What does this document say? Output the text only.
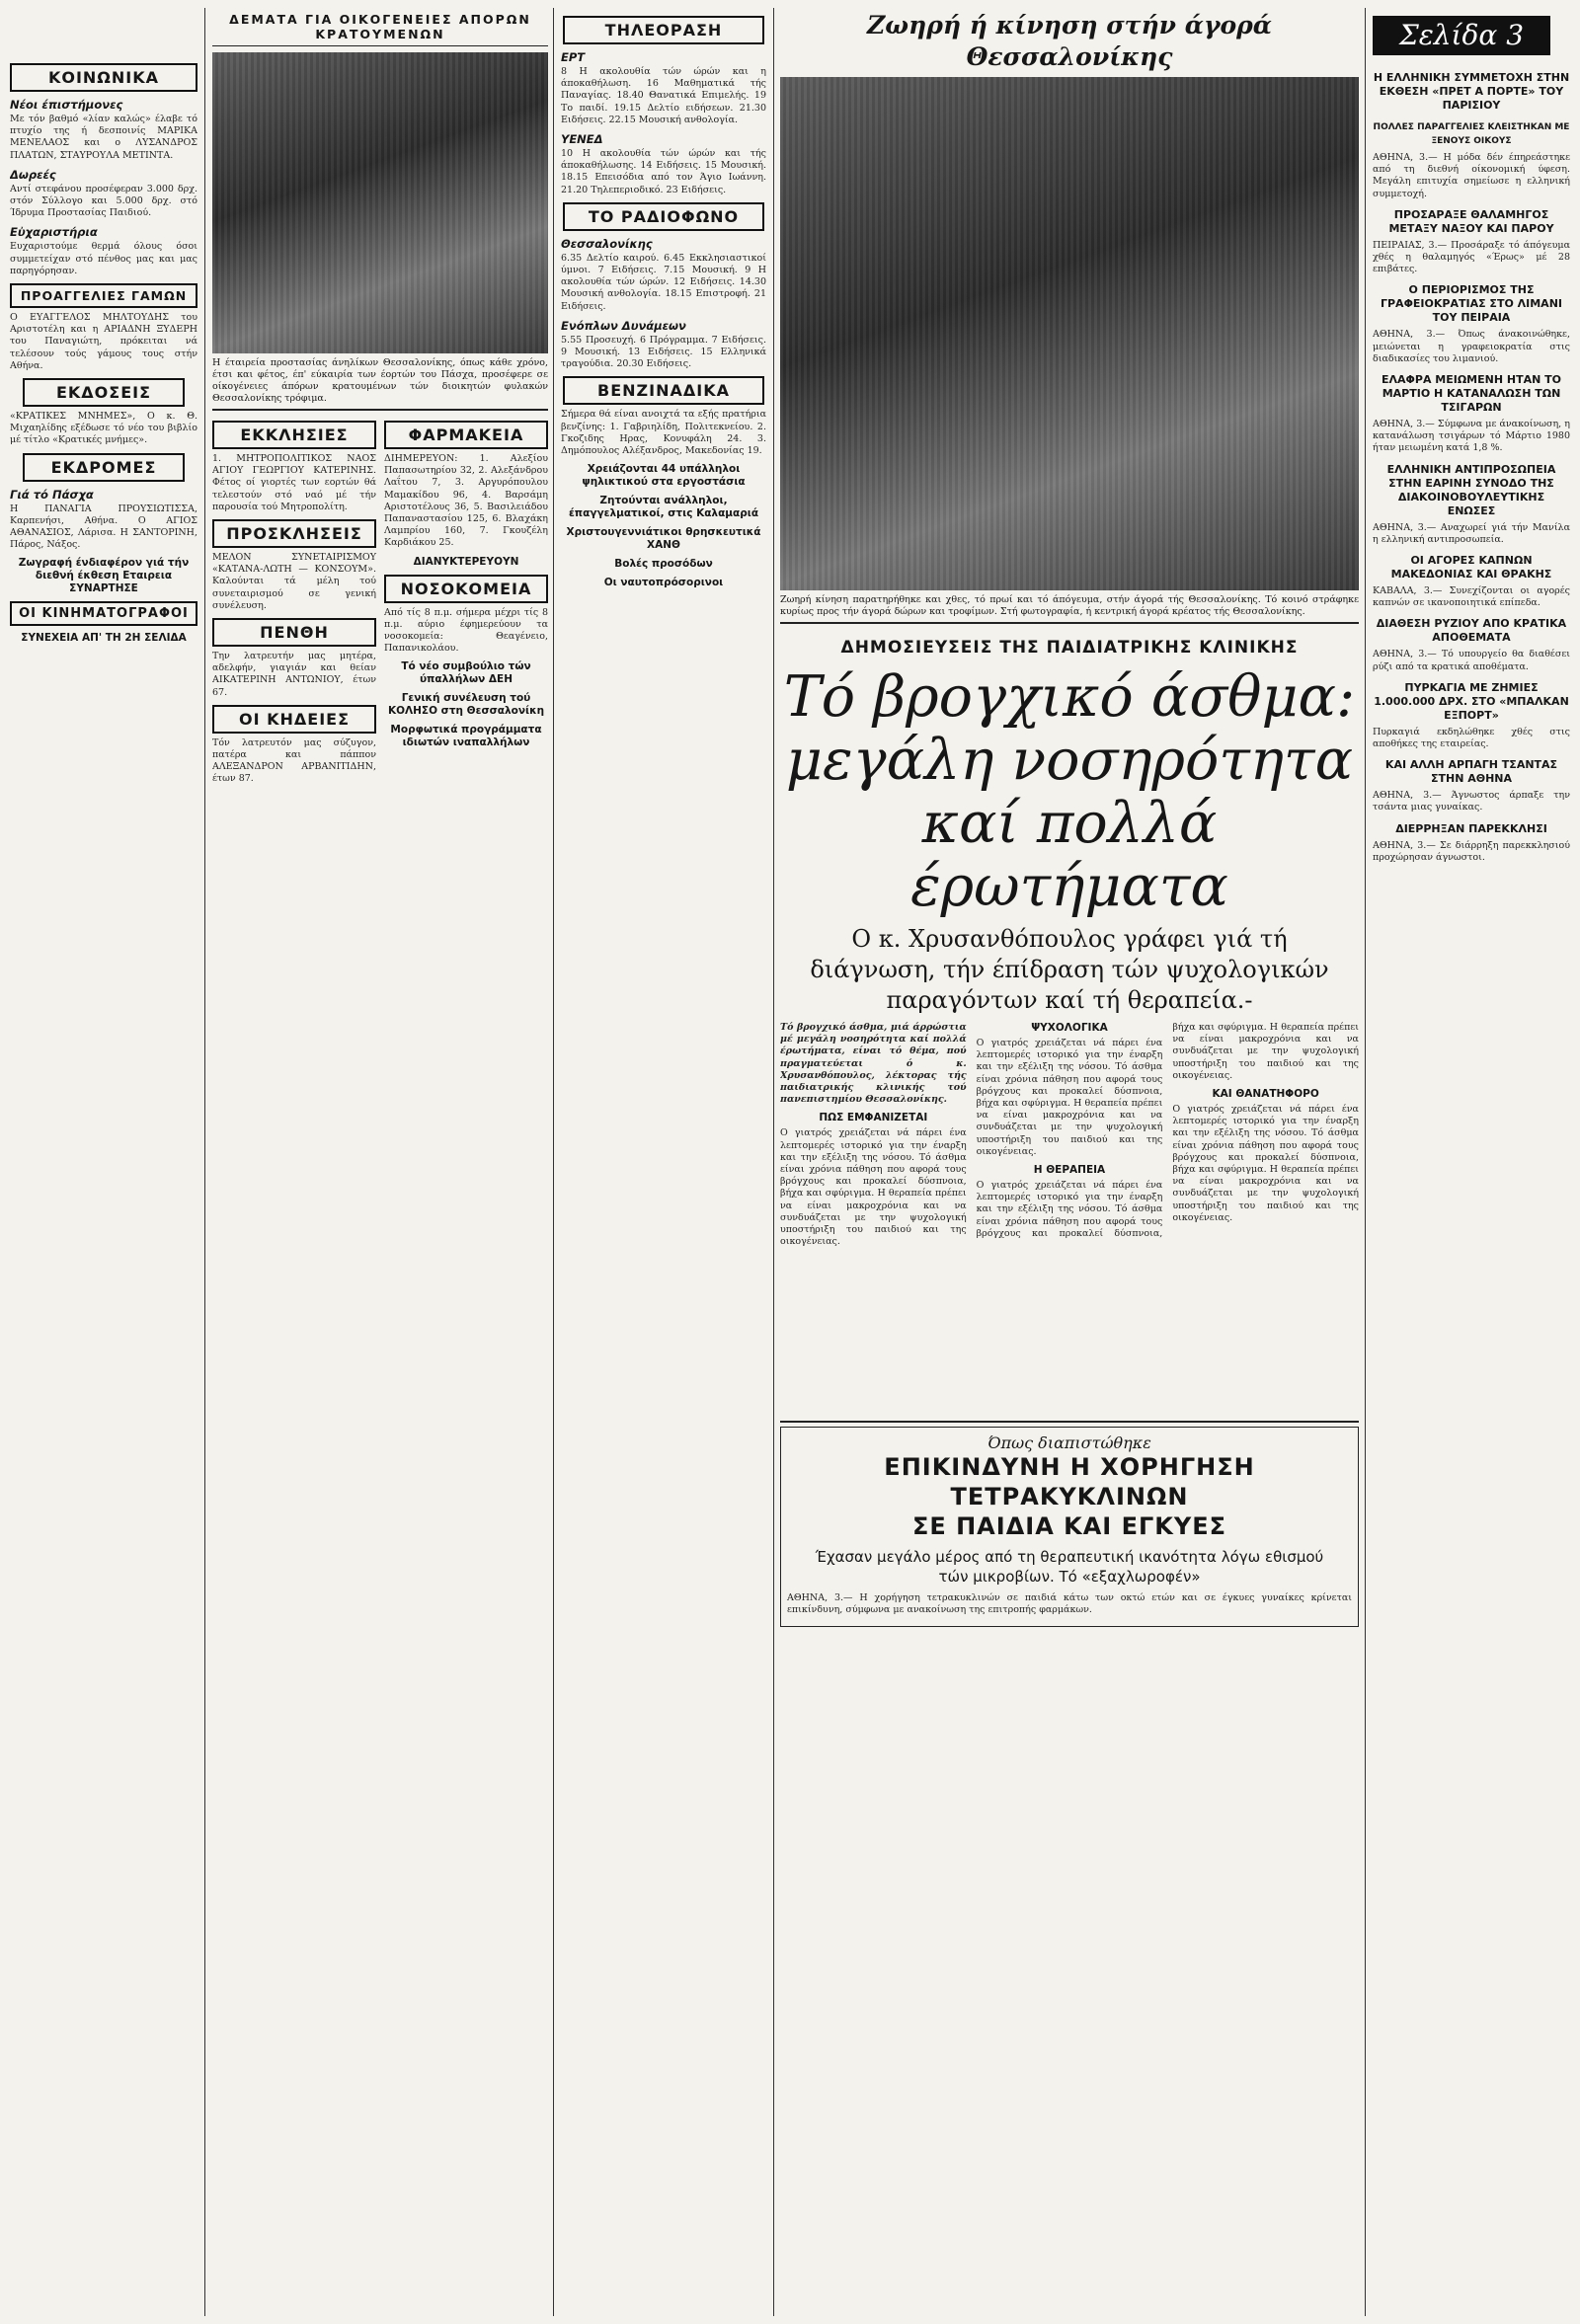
ΚΟΙΝΩΝΙΚΑ
Νέοι έπιστήμονες

Με τόν βαθμό «λίαν καλώς» έλαβε τό πτυχίο της ή δεσποινίς ΜΑΡΙΚΑ ΜΕΝΕΛΑΟΣ και ο ΛΥΣΑΝΔΡΟΣ ΠΛΑΤΩΝ, ΣΤΑΥΡΟΥΛΑ ΜΕΤΙΝΤΑ.

Δωρεές

Αντί στεφάνου προσέφεραν 3.000 δρχ. στόν Σύλλογο και 5.000 δρχ. στό Ίδρυμα Προστασίας Παιδιού.

Εὐχαριστήρια

Ευχαριστούμε θερμά όλους όσοι συμμετείχαν στό πένθος μας και μας παρηγόρησαν.

ΠΡΟΑΓΓΕΛΙΕΣ ΓΑΜΩΝ

Ο ΕΥΑΓΓΕΛΟΣ ΜΗΛΤΟΥΔΗΣ του Αριστοτέλη και η ΑΡΙΑΔΝΗ ΞΥΔΕΡΗ του Παναγιώτη, πρόκειται νά τελέσουν τούς γάμους τους στήν Αθήνα.

ΕΚΔΟΣΕΙΣ

«ΚΡΑΤΙΚΕΣ ΜΝΗΜΕΣ», Ο κ. Θ. Μιχαηλίδης εξέδωσε τό νέο του βιβλίο μέ τίτλο «Κρατικές μνήμες».

ΕΚΔΡΟΜΕΣ
Γιά τό Πάσχα

Η ΠΑΝΑΓΙΑ ΠΡΟΥΣΙΩΤΙΣΣΑ, Καρπενήσι, Αθήνα. Ο ΑΓΙΟΣ ΑΘΑΝΑΣΙΟΣ, Λάρισα. Η ΣΑΝΤΟΡΙΝΗ, Πάρος, Νάξος.

Ζωγραφή ένδιαφέρον γιά τήν διεθνή έκθεση Εταιρεια ΣΥΝΑΡΤΗΣΕ
ΟΙ ΚΙΝΗΜΑΤΟΓΡΑΦΟΙ
ΣΥΝΕΧΕΙΑ ΑΠ' ΤΗ 2Η ΣΕΛΙΔΑ
ΔΕΜΑΤΑ ΓΙΑ ΟΙΚΟΓΕΝΕΙΕΣ ΑΠΟΡΩΝ ΚΡΑΤΟΥΜΕΝΩΝ

Η έταιρεία προστασίας άνηλίκων Θεσσαλονίκης, όπως κάθε χρόνο, έτσι και φέτος, έπ' εύκαιρία των έορτών του Πάσχα, προσέφερε σε οίκογένειες άπόρων κρατουμένων τών διοικητών φυλακών Θεσσαλονίκης τρόφιμα.

ΕΚΚΛΗΣΙΕΣ

1. ΜΗΤΡΟΠΟΛΙΤΙΚΟΣ ΝΑΟΣ ΑΓΙΟΥ ΓΕΩΡΓΙΟΥ ΚΑΤΕΡΙΝΗΣ. Φέτος οί γιορτές των εορτών θά τελεστούν στό ναό μέ τήν παρουσία τού Μητροπολίτη.

ΠΡΟΣΚΛΗΣΕΙΣ

ΜΕΛΟΝ ΣΥΝΕΤΑΙΡΙΣΜΟΥ «ΚΑΤΑΝΑ-ΛΩΤΗ — ΚΟΝΣΟΥΜ». Καλούνται τά μέλη τού συνεταιρισμού σε γενική συνέλευση.

ΠΕΝΘΗ

Την λατρευτήν μας μητέρα, αδελφήν, γιαγιάν και θείαν ΑΙΚΑΤΕΡΙΝΗ ΑΝΤΩΝΙΟΥ, έτων 67.

ΟΙ ΚΗΔΕΙΕΣ

Τόν λατρευτόν μας σύζυγον, πατέρα και πάππον ΑΛΕΞΑΝΔΡΟΝ ΑΡΒΑΝΙΤΙΔΗΝ, έτων 87.

ΦΑΡΜΑΚΕΙΑ

ΔΙΗΜΕΡΕΥΟΝ: 1. Αλεξίου Παπασωτηρίου 32, 2. Αλεξάνδρου Λαΐτου 7, 3. Αργυρόπουλου Μαμακίδου 96, 4. Βαρσάμη Αριστοτέλους 36, 5. Βασιλειάδου Παπαναστασίου 125, 6. Βλαχάκη Λαμπρίου 160, 7. Γκουζέλη Καρδιάκου 25.

ΔΙΑΝΥΚΤΕΡΕΥΟΥΝ
ΝΟΣΟΚΟΜΕΙΑ

Από τίς 8 π.μ. σήμερα μέχρι τίς 8 π.μ. αύριο έφημερεύουν τα νοσοκομεία: Θεαγένειο, Παπανικολάου.

Τό νέο συμβούλιο τών ύπαλλήλων ΔΕΗ
Γενική συνέλευση τού ΚΟΛΗΣΟ στη Θεσσαλονίκη
Μορφωτικά προγράμματα ιδιωτών ιναπαλλήλων
ΤΗΛΕΟΡΑΣΗ
ΕΡΤ

8 Η ακολουθία τών ώρών και η άποκαθήλωση. 16 Μαθηματικά τής Παναγίας. 18.40 Θανατικά Επιμελής. 19 Το παιδί. 19.15 Δελτίο ειδήσεων. 21.30 Ειδήσεις. 22.15 Μουσική ανθολογία.

ΥΕΝΕΔ

10 Η ακολουθία τών ώρών και τής άποκαθήλωσης. 14 Ειδήσεις. 15 Μουσική. 18.15 Επεισόδια από τον Άγιο Ιωάννη. 21.20 Τηλεπεριοδικό. 23 Ειδήσεις.

ΤΟ ΡΑΔΙΟΦΩΝΟ
Θεσσαλονίκης

6.35 Δελτίο καιρού. 6.45 Εκκλησιαστικοί ύμνοι. 7 Ειδήσεις. 7.15 Μουσική. 9 Η ακολουθία τών ώρών. 12 Ειδήσεις. 14.30 Μουσική ανθολογία. 18.15 Επιστροφή. 21 Ειδήσεις.

Ενόπλων Δυνάμεων

5.55 Προσευχή. 6 Πρόγραμμα. 7 Ειδήσεις. 9 Μουσική. 13 Ειδήσεις. 15 Ελληνικά τραγούδια. 20.30 Ειδήσεις.

ΒΕΝΖΙΝΑΔΙΚΑ

Σήμερα θά είναι ανοιχτά τα εξής πρατήρια βενζίνης: 1. Γαβριηλίδη, Πολιτεκνείου. 2. Γκοζιδης Ηρας, Κονυφάλη 24. 3. Δημόπουλος Αλέξανδρος, Μακεδονίας 19.

Χρειάζονται 44 υπάλληλοι ψηλικτικού στα εργοστάσια
Ζητούνται ανάλληλοι, έπαγγελματικοί, στις Καλαμαριά
Χριστουγεννιάτικοι θρησκευτικά ΧΑΝΘ
Βολές προσόδων
Οι ναυτοπρόσορινοι
Ζωηρή ή κίνηση στήν άγορά Θεσσαλονίκης

Ζωηρή κίνηση παρατηρήθηκε και χθες, τό πρωί και τό άπόγευμα, στήν άγορά τής Θεσσαλονίκης. Τό κοινό στράφηκε κυρίως προς τήν άγορά δώρων και τροφίμων. Στή φωτογραφία, ή κεντρική άγορά κρέατος τής Θεσσαλονίκης.

ΔΗΜΟΣΙΕΥΣΕΙΣ ΤΗΣ ΠΑΙΔΙΑΤΡΙΚΗΣ ΚΛΙΝΙΚΗΣ
Τό βρογχικό άσθμα:
μεγάλη νοσηρότητα
καί πολλά έρωτήματα
Ο κ. Χρυσανθόπουλος γράφει γιά τή διάγνωση, τήν έπίδραση τών ψυχολογικών παραγόντων καί τή θεραπεία.-

Τό βρογχικό άσθμα, μιά άρρώστια μέ μεγάλη νοσηρότητα καί πολλά έρωτήματα, είναι τό θέμα, πού πραγματεύεται ό κ. Χρυσανθόπουλος, λέκτορας τής παιδιατρικής κλινικής τού πανεπιστημίου Θεσσαλονίκης.

ΠΩΣ ΕΜΦΑΝΙΖΕΤΑΙ

Ο γιατρός χρειάζεται νά πάρει ένα λεπτομερές ιστορικό για την έναρξη και την εξέλιξη της νόσου. Τό άσθμα είναι χρόνια πάθηση που αφορά τους βρόγχους και προκαλεί δύσπνοια, βήχα και σφύριγμα. Η θεραπεία πρέπει να είναι μακροχρόνια και να συνδυάζεται με την ψυχολογική υποστήριξη του παιδιού και της οικογένειας.

ΨΥΧΟΛΟΓΙΚΑ

Ο γιατρός χρειάζεται νά πάρει ένα λεπτομερές ιστορικό για την έναρξη και την εξέλιξη της νόσου. Τό άσθμα είναι χρόνια πάθηση που αφορά τους βρόγχους και προκαλεί δύσπνοια, βήχα και σφύριγμα. Η θεραπεία πρέπει να είναι μακροχρόνια και να συνδυάζεται με την ψυχολογική υποστήριξη του παιδιού και της οικογένειας.

Η ΘΕΡΑΠΕΙΑ

Ο γιατρός χρειάζεται νά πάρει ένα λεπτομερές ιστορικό για την έναρξη και την εξέλιξη της νόσου. Τό άσθμα είναι χρόνια πάθηση που αφορά τους βρόγχους και προκαλεί δύσπνοια, βήχα και σφύριγμα. Η θεραπεία πρέπει να είναι μακροχρόνια και να συνδυάζεται με την ψυχολογική υποστήριξη του παιδιού και της οικογένειας.

ΚΑΙ ΘΑΝΑΤΗΦΟΡΟ

Ο γιατρός χρειάζεται νά πάρει ένα λεπτομερές ιστορικό για την έναρξη και την εξέλιξη της νόσου. Τό άσθμα είναι χρόνια πάθηση που αφορά τους βρόγχους και προκαλεί δύσπνοια, βήχα και σφύριγμα. Η θεραπεία πρέπει να είναι μακροχρόνια και να συνδυάζεται με την ψυχολογική υποστήριξη του παιδιού και της οικογένειας.

Όπως διαπιστώθηκε
ΕΠΙΚΙΝΔΥΝΗ Η ΧΟΡΗΓΗΣΗ
ΤΕΤΡΑΚΥΚΛΙΝΩΝ
ΣΕ ΠΑΙΔΙΑ ΚΑΙ ΕΓΚΥΕΣ
Έχασαν μεγάλο μέρος από τη θεραπευτική ικανότητα λόγω εθισμού τών μικροβίων. Τό «εξαχλωροφέν»

ΑΘΗΝΑ, 3.— Η χορήγηση τετρακυκλινών σε παιδιά κάτω των οκτώ ετών και σε έγκυες γυναίκες κρίνεται επικίνδυνη, σύμφωνα με ανακοίνωση της επιτροπής φαρμάκων.

Σελίδα 3
Η ΕΛΛΗΝΙΚΗ ΣΥΜΜΕΤΟΧΗ ΣΤΗΝ ΕΚΘΕΣΗ «ΠΡΕΤ Α ΠΟΡΤΕ» ΤΟΥ ΠΑΡΙΣΙΟΥ
ΠΟΛΛΕΣ ΠΑΡΑΓΓΕΛΙΕΣ ΚΛΕΙΣΤΗΚΑΝ ΜΕ ΞΕΝΟΥΣ ΟΙΚΟΥΣ

ΑΘΗΝΑ, 3.— Η μόδα δέν έπηρεάστηκε από τη διεθνή οίκονομική ύφεση. Μεγάλη επιτυχία σημείωσε η ελληνική συμμετοχή.

ΠΡΟΣΑΡΑΞΕ ΘΑΛΑΜΗΓΟΣ ΜΕΤΑΞΥ ΝΑΞΟΥ ΚΑΙ ΠΑΡΟΥ

ΠΕΙΡΑΙΑΣ, 3.— Προσάραξε τό άπόγευμα χθές η θαλαμηγός «Έρως» μέ 28 επιβάτες.

Ο ΠΕΡΙΟΡΙΣΜΟΣ ΤΗΣ ΓΡΑΦΕΙΟΚΡΑΤΙΑΣ ΣΤΟ ΛΙΜΑΝΙ ΤΟΥ ΠΕΙΡΑΙΑ

ΑΘΗΝΑ, 3.— Όπως άνακοινώθηκε, μειώνεται η γραφειοκρατία στις διαδικασίες του λιμανιού.

ΕΛΑΦΡΑ ΜΕΙΩΜΕΝΗ ΗΤΑΝ ΤΟ ΜΑΡΤΙΟ Η ΚΑΤΑΝΑΛΩΣΗ ΤΩΝ ΤΣΙΓΑΡΩΝ

ΑΘΗΝΑ, 3.— Σύμφωνα με άνακοίνωση, η κατανάλωση τσιγάρων τό Μάρτιο 1980 ήταν μειωμένη κατά 1,8 %.

ΕΛΛΗΝΙΚΗ ΑΝΤΙΠΡΟΣΩΠΕΙΑ ΣΤΗΝ ΕΑΡΙΝΗ ΣΥΝΟΔΟ ΤΗΣ ΔΙΑΚΟΙΝΟΒΟΥΛΕΥΤΙΚΗΣ ΕΝΩΣΕΣ

ΑΘΗΝΑ, 3.— Αναχωρεί γιά τήν Μανίλα η ελληνική αντιπροσωπεία.

ΟΙ ΑΓΟΡΕΣ ΚΑΠΝΩΝ ΜΑΚΕΔΟΝΙΑΣ ΚΑΙ ΘΡΑΚΗΣ

ΚΑΒΑΛΑ, 3.— Συνεχίζονται οι αγορές καπνών σε ικανοποιητικά επίπεδα.

ΔΙΑΘΕΣΗ ΡΥΖΙΟΥ ΑΠΟ ΚΡΑΤΙΚΑ ΑΠΟΘΕΜΑΤΑ

ΑΘΗΝΑ, 3.— Τό υπουργείο θα διαθέσει ρύζι από τα κρατικά αποθέματα.

ΠΥΡΚΑΓΙΑ ΜΕ ΖΗΜΙΕΣ 1.000.000 ΔΡΧ. ΣΤΟ «ΜΠΑΛΚΑΝ ΕΞΠΟΡΤ»

Πυρκαγιά εκδηλώθηκε χθές στις αποθήκες της εταιρείας.

ΚΑΙ ΑΛΛΗ ΑΡΠΑΓΗ ΤΣΑΝΤΑΣ ΣΤΗΝ ΑΘΗΝΑ

ΑΘΗΝΑ, 3.— Άγνωστος άρπαξε την τσάντα μιας γυναίκας.

ΔΙΕΡΡΗΞΑΝ ΠΑΡΕΚΚΛΗΣΙ

ΑΘΗΝΑ, 3.— Σε διάρρηξη παρεκκλησιού προχώρησαν άγνωστοι.
